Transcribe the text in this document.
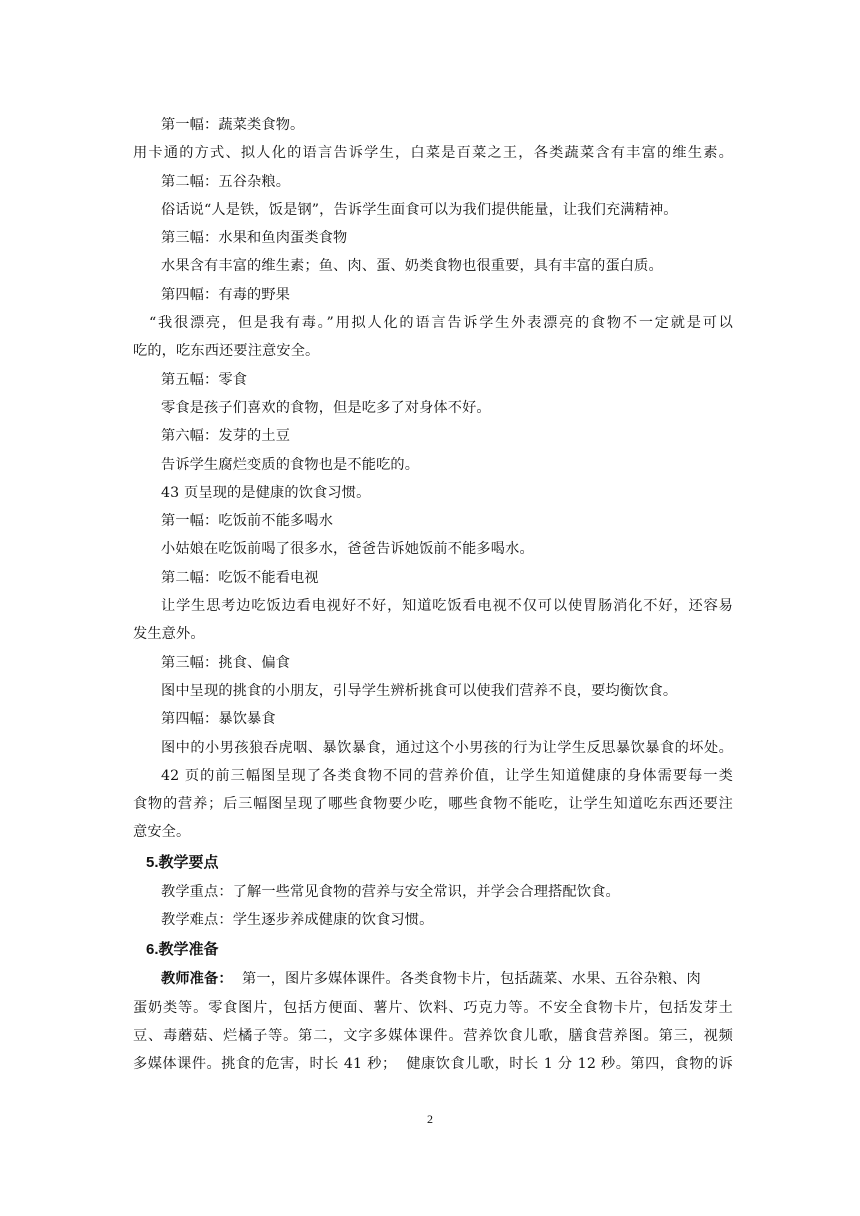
第一幅：蔬菜类食物。
用卡通的方式、拟人化的语言告诉学生，白菜是百菜之王，各类蔬菜含有丰富的维生素。
第二幅：五谷杂粮。
俗话说“人是铁，饭是钢”，告诉学生面食可以为我们提供能量，让我们充满精神。
第三幅：水果和鱼肉蛋类食物
水果含有丰富的维生素；鱼、肉、蛋、奶类食物也很重要，具有丰富的蛋白质。
第四幅：有毒的野果
“我很漂亮，但是我有毒。”用拟人化的语言告诉学生外表漂亮的食物不一定就是可以
吃的，吃东西还要注意安全。
第五幅：零食
零食是孩子们喜欢的食物，但是吃多了对身体不好。
第六幅：发芽的土豆
告诉学生腐烂变质的食物也是不能吃的。
43 页呈现的是健康的饮食习惯。
第一幅：吃饭前不能多喝水
小姑娘在吃饭前喝了很多水，爸爸告诉她饭前不能多喝水。
第二幅：吃饭不能看电视
让学生思考边吃饭边看电视好不好，知道吃饭看电视不仅可以使胃肠消化不好，还容易
发生意外。
第三幅：挑食、偏食
图中呈现的挑食的小朋友，引导学生辨析挑食可以使我们营养不良，要均衡饮食。
第四幅：暴饮暴食
图中的小男孩狼吞虎咽、暴饮暴食，通过这个小男孩的行为让学生反思暴饮暴食的坏处。
42 页的前三幅图呈现了各类食物不同的营养价值，让学生知道健康的身体需要每一类
食物的营养；后三幅图呈现了哪些食物要少吃，哪些食物不能吃，让学生知道吃东西还要注
意安全。
5.教学要点
教学重点：了解一些常见食物的营养与安全常识，并学会合理搭配饮食。
教学难点：学生逐步养成健康的饮食习惯。
6.教学准备
教师准备：  第一，图片多媒体课件。各类食物卡片，包括蔬菜、水果、五谷杂粮、肉
蛋奶类等。零食图片，包括方便面、薯片、饮料、巧克力等。不安全食物卡片，包括发芽土
豆、毒蘑菇、烂橘子等。第二，文字多媒体课件。营养饮食儿歌，膳食营养图。第三，视频
多媒体课件。挑食的危害，时长 41 秒；  健康饮食儿歌，时长 1 分 12 秒。第四，食物的诉
2
